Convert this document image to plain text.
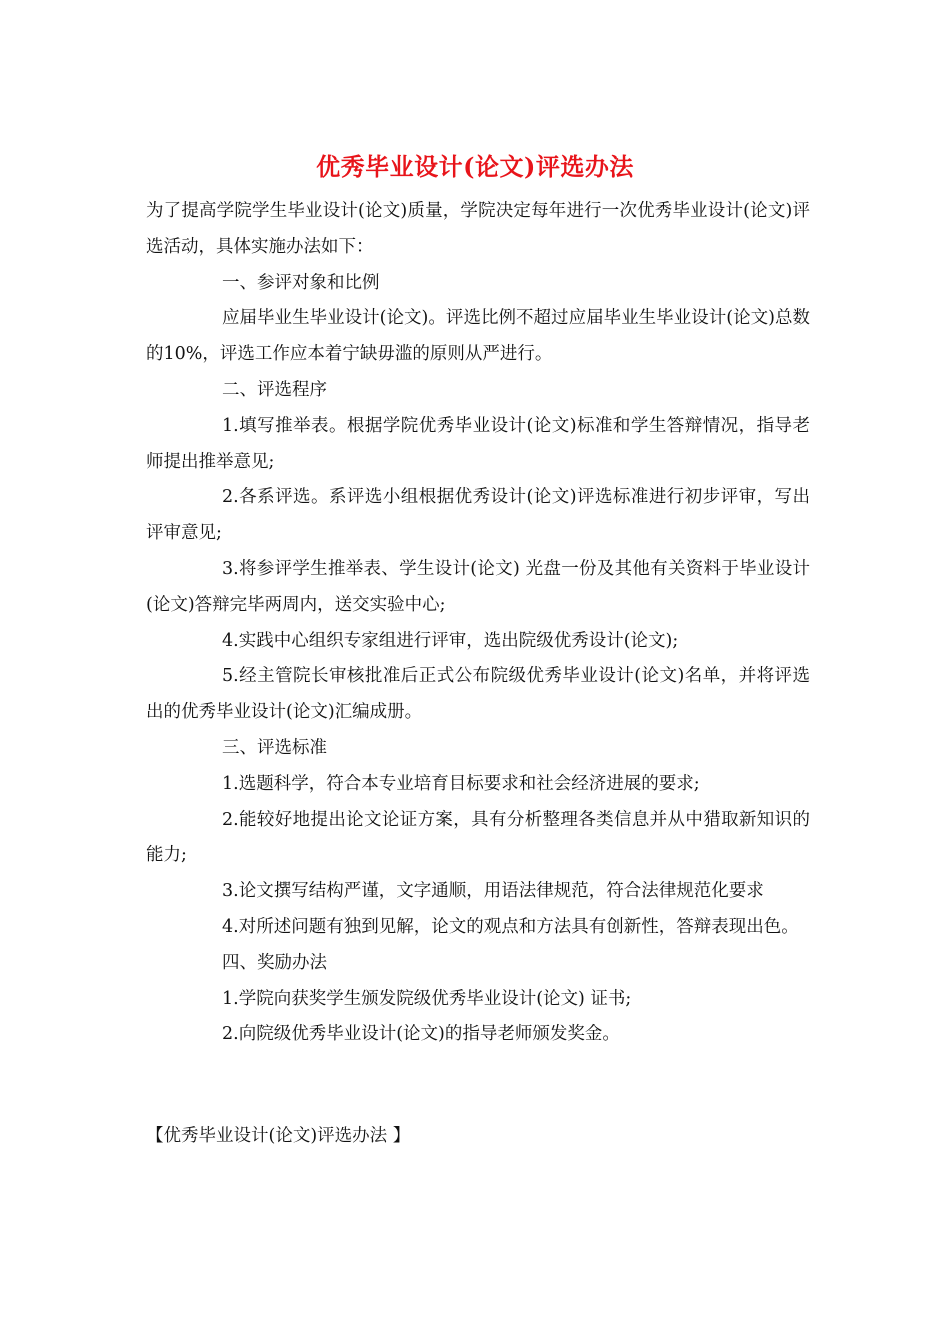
优秀毕业设计(论文)评选办法

为了提高学院学生毕业设计(论文)质量，学院决定每年进行一次优秀毕业设计(论文)评选活动，具体实施办法如下：

一、参评对象和比例

应届毕业生毕业设计(论文)。评选比例不超过应届毕业生毕业设计(论文)总数的10%，评选工作应本着宁缺毋滥的原则从严进行。

二、评选程序

1.填写推举表。根据学院优秀毕业设计(论文)标准和学生答辩情况，指导老师提出推举意见;

2.各系评选。系评选小组根据优秀设计(论文)评选标准进行初步评审，写出评审意见;

3.将参评学生推举表、学生设计(论文) 光盘一份及其他有关资料于毕业设计(论文)答辩完毕两周内，送交实验中心;

4.实践中心组织专家组进行评审，选出院级优秀设计(论文);

5.经主管院长审核批准后正式公布院级优秀毕业设计(论文)名单，并将评选出的优秀毕业设计(论文)汇编成册。

三、评选标准

1.选题科学，符合本专业培育目标要求和社会经济进展的要求;

2.能较好地提出论文论证方案，具有分析整理各类信息并从中猎取新知识的能力;

3.论文撰写结构严谨，文字通顺，用语法律规范，符合法律规范化要求

4.对所述问题有独到见解，论文的观点和方法具有创新性，答辩表现出色。

四、奖励办法

1.学院向获奖学生颁发院级优秀毕业设计(论文) 证书;

2.向院级优秀毕业设计(论文)的指导老师颁发奖金。

【优秀毕业设计(论文)评选办法 】
